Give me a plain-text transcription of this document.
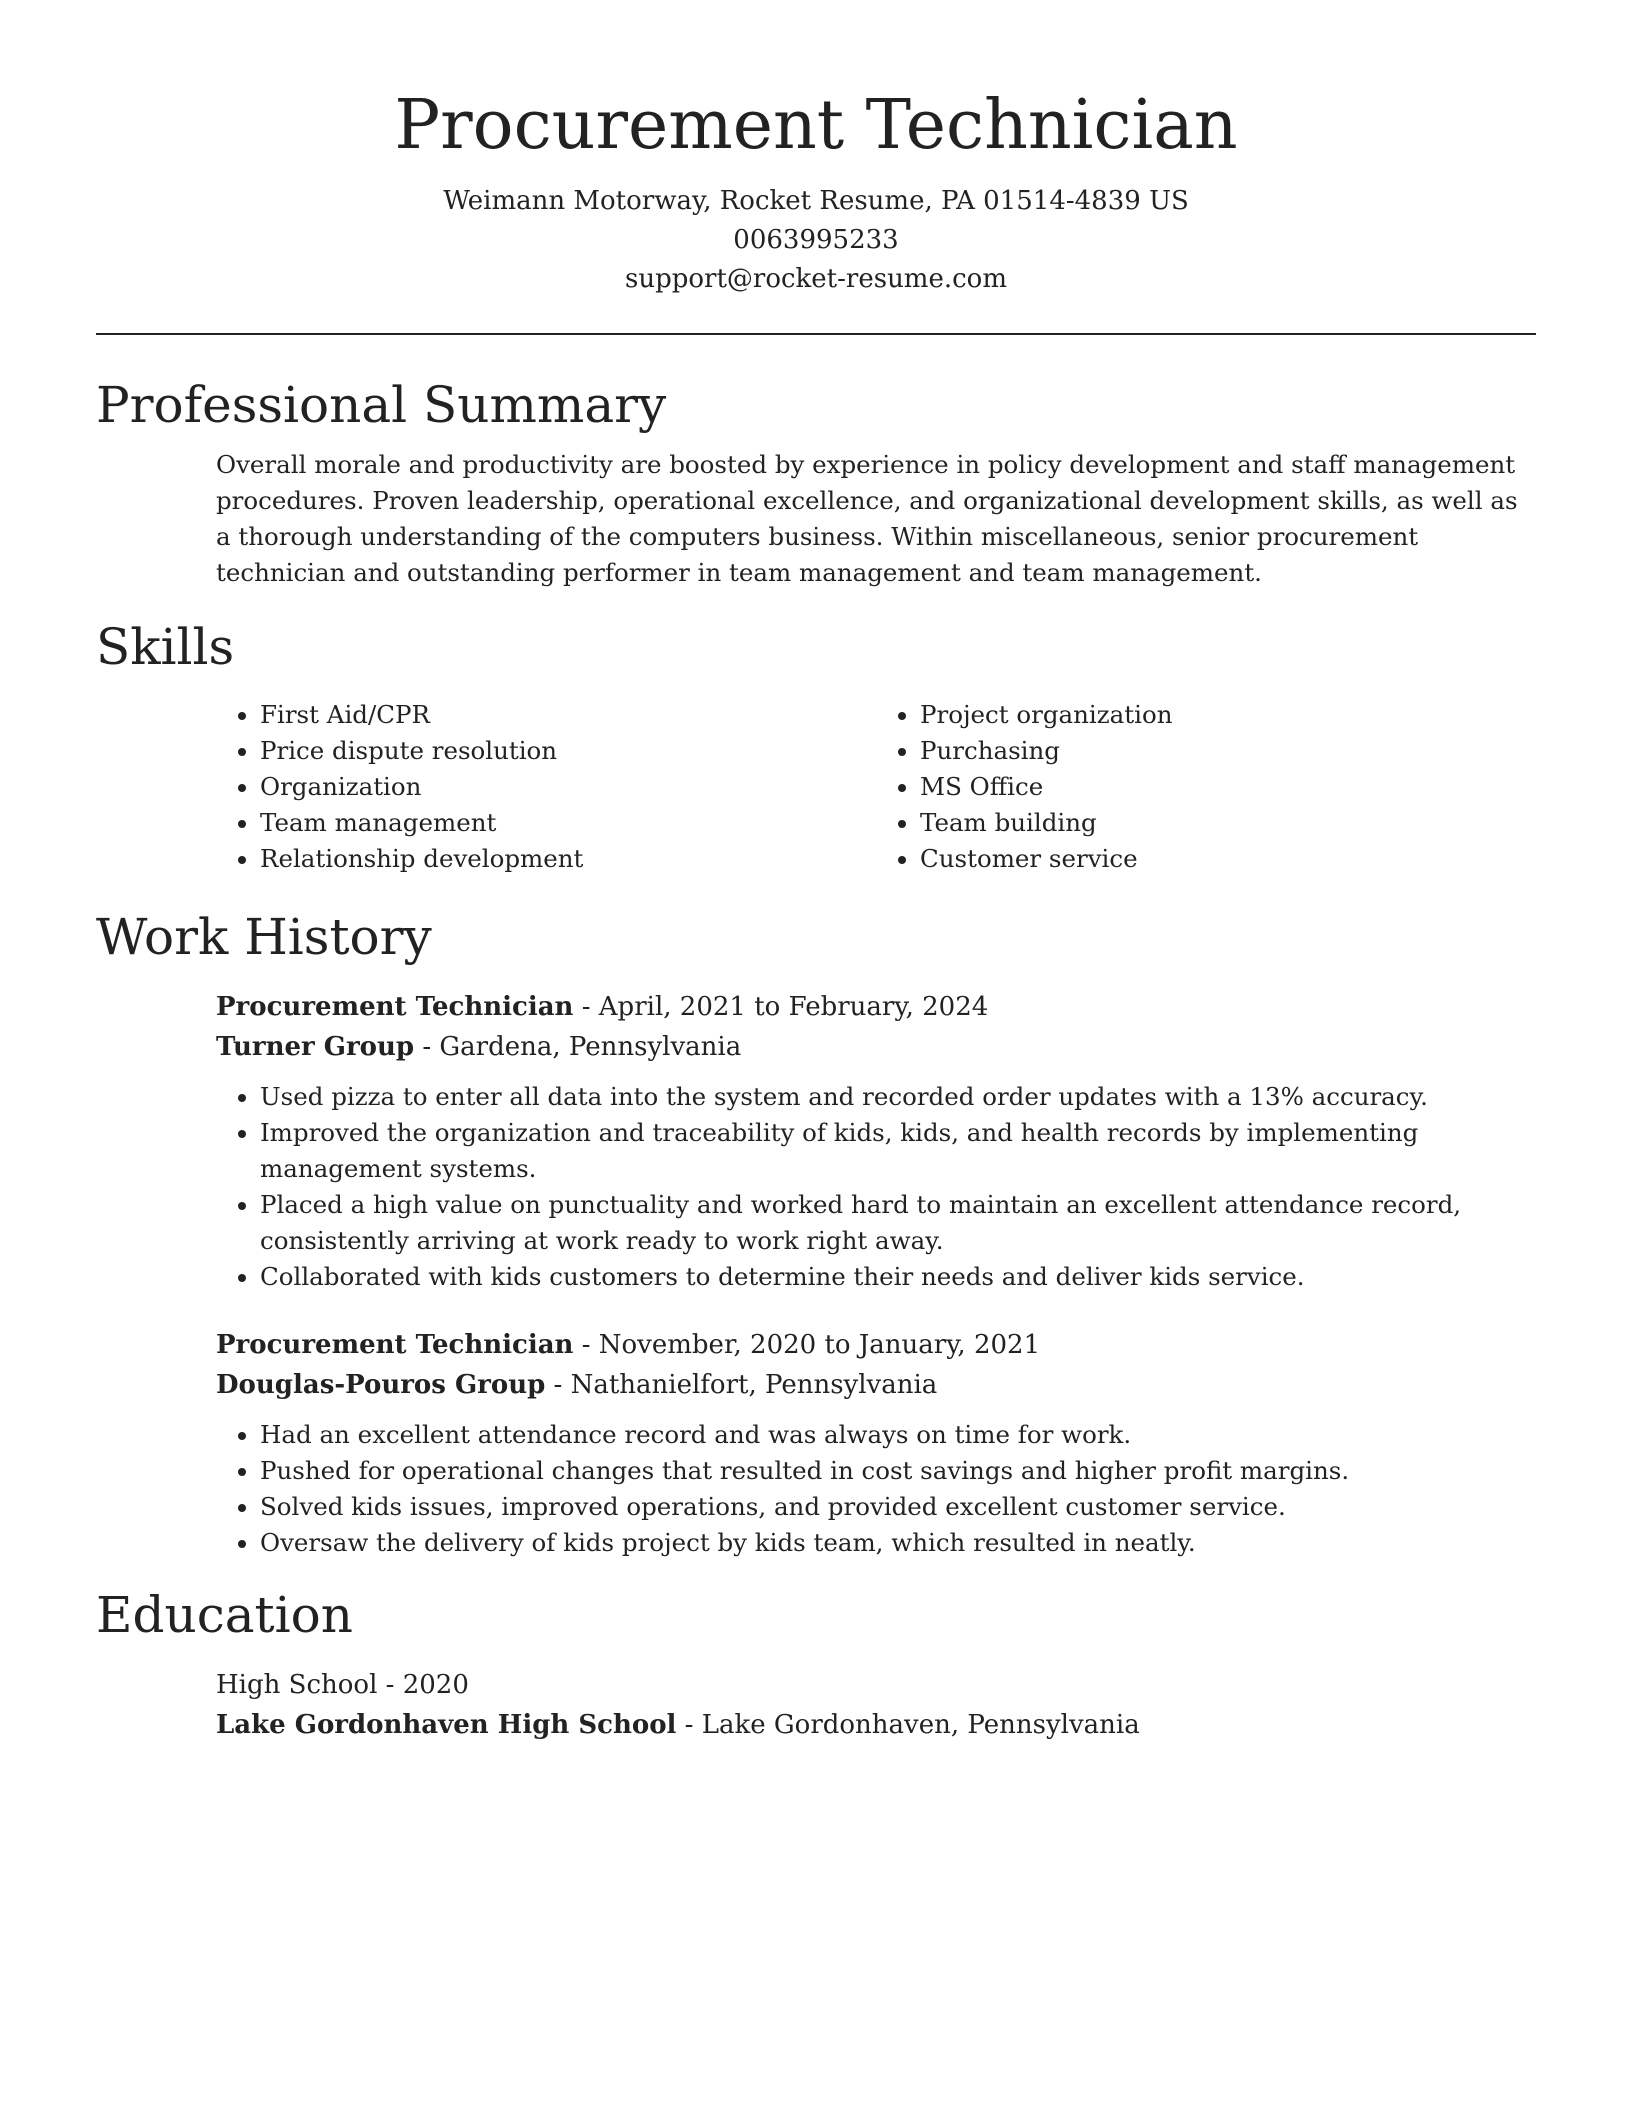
Procurement Technician
Weimann Motorway, Rocket Resume, PA 01514-4839 US
0063995233
support@rocket-resume.com
Professional Summary

Overall morale and productivity are boosted by experience in policy development and staff management procedures. Proven leadership, operational excellence, and organizational development skills, as well as a thorough understanding of the computers business. Within miscellaneous, senior procurement technician and outstanding performer in team management and team management.

Skills
• First Aid/CPR
• Price dispute resolution
• Organization
• Team management
• Relationship development
• Project organization
• Purchasing
• MS Office
• Team building
• Customer service
Work History

Procurement Technician - April, 2021 to February, 2024

Turner Group - Gardena, Pennsylvania

• Used pizza to enter all data into the system and recorded order updates with a 13% accuracy.
• Improved the organization and traceability of kids, kids, and health records by implementing management systems.
• Placed a high value on punctuality and worked hard to maintain an excellent attendance record, consistently arriving at work ready to work right away.
• Collaborated with kids customers to determine their needs and deliver kids service.

Procurement Technician - November, 2020 to January, 2021

Douglas-Pouros Group - Nathanielfort, Pennsylvania

• Had an excellent attendance record and was always on time for work.
• Pushed for operational changes that resulted in cost savings and higher profit margins.
• Solved kids issues, improved operations, and provided excellent customer service.
• Oversaw the delivery of kids project by kids team, which resulted in neatly.
Education

High School - 2020

Lake Gordonhaven High School - Lake Gordonhaven, Pennsylvania
